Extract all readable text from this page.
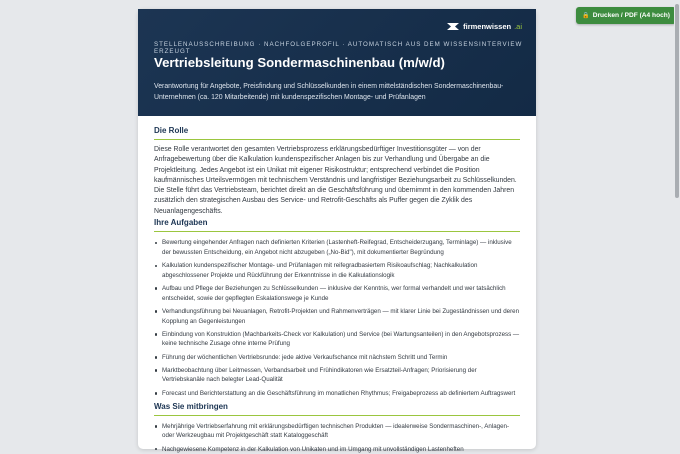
🔒 Drucken / PDF (A4 hoch)
firmenwissen .ai
STELLENAUSSCHREIBUNG · NACHFOLGEPROFIL · AUTOMATISCH AUS DEM WISSENSINTERVIEW ERZEUGT
Vertriebsleitung Sondermaschinenbau (m/w/d)
Verantwortung für Angebote, Preisfindung und Schlüsselkunden in einem mittelständischen Sondermaschinenbau-Unternehmen (ca. 120 Mitarbeitende) mit kundenspezifischen Montage- und Prüfanlagen
Die Rolle

Diese Rolle verantwortet den gesamten Vertriebsprozess erklärungsbedürftiger Investitionsgüter — von der Anfragebewertung über die Kalkulation kundenspezifischer Anlagen bis zur Verhandlung und Übergabe an die Projektleitung. Jedes Angebot ist ein Unikat mit eigener Risikostruktur; entsprechend verbindet die Position kaufmännisches Urteilsvermögen mit technischem Verständnis und langfristiger Beziehungsarbeit zu Schlüsselkunden. Die Stelle führt das Vertriebsteam, berichtet direkt an die Geschäftsführung und übernimmt in den kommenden Jahren zusätzlich den strategischen Ausbau des Service- und Retrofit-Geschäfts als Puffer gegen die Zyklik des Neuanlagengeschäfts.

Ihre Aufgaben
Bewertung eingehender Anfragen nach definierten Kriterien (Lastenheft-Reifegrad, Entscheiderzugang, Terminlage) — inklusive der bewussten Entscheidung, ein Angebot nicht abzugeben („No-Bid"), mit dokumentierter Begründung
Kalkulation kundenspezifischer Montage- und Prüfanlagen mit reifegradbasiertem Risikoaufschlag; Nachkalkulation abgeschlossener Projekte und Rückführung der Erkenntnisse in die Kalkulationslogik
Aufbau und Pflege der Beziehungen zu Schlüsselkunden — inklusive der Kenntnis, wer formal verhandelt und wer tatsächlich entscheidet, sowie der gepflegten Eskalationswege je Kunde
Verhandlungsführung bei Neuanlagen, Retrofit-Projekten und Rahmenverträgen — mit klarer Linie bei Zugeständnissen und deren Kopplung an Gegenleistungen
Einbindung von Konstruktion (Machbarkeits-Check vor Kalkulation) und Service (bei Wartungsanteilen) in den Angebotsprozess — keine technische Zusage ohne interne Prüfung
Führung der wöchentlichen Vertriebsrunde: jede aktive Verkaufschance mit nächstem Schritt und Termin
Marktbeobachtung über Leitmessen, Verbandsarbeit und Frühindikatoren wie Ersatzteil-Anfragen; Priorisierung der Vertriebskanäle nach belegter Lead-Qualität
Forecast und Berichterstattung an die Geschäftsführung im monatlichen Rhythmus; Freigabeprozess ab definiertem Auftragswert
Was Sie mitbringen
Mehrjährige Vertriebserfahrung mit erklärungsbedürftigen technischen Produkten — idealerweise Sondermaschinen-, Anlagen- oder Werkzeugbau mit Projektgeschäft statt Kataloggeschäft
Nachgewiesene Kompetenz in der Kalkulation von Unikaten und im Umgang mit unvollständigen Lastenheften
